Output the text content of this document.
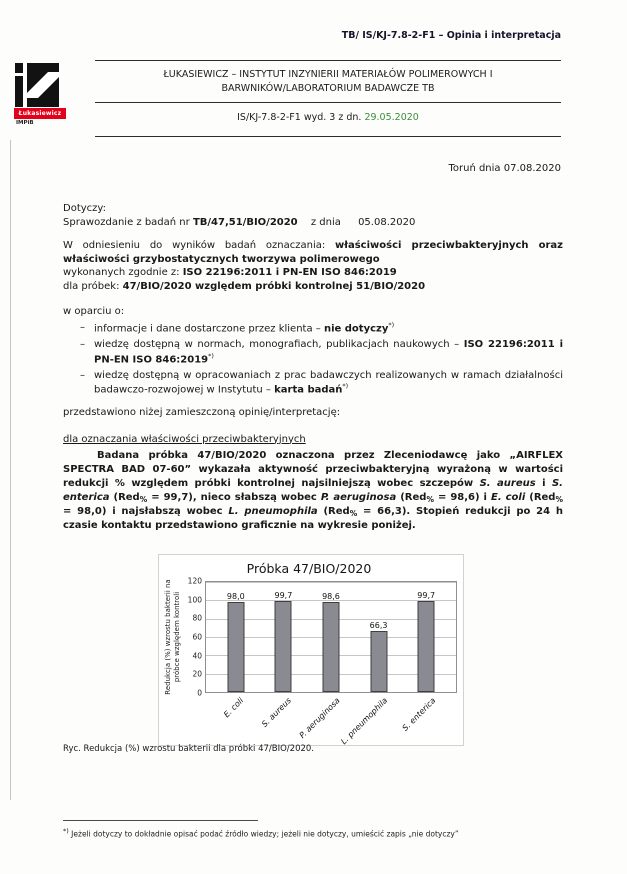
TB/ IS/KJ-7.8-2-F1 – Opinia i interpretacja
Łukasiewicz
IMPiB
ŁUKASIEWICZ – INSTYTUT INZYNIERII MATERIAŁÓW POLIMEROWYCH I
BARWNIKÓW/LABORATORIUM BADAWCZE TB
IS/KJ-7.8-2-F1 wyd. 3 z dn. 29.05.2020
Toruń dnia 07.08.2020
Dotyczy:
Sprawozdanie z badań nr TB/47,51/BIO/2020 z dnia 05.08.2020

W odniesieniu do wyników badań oznaczania: właściwości przeciwbakteryjnych oraz właściwości grzybostatycznych tworzywa polimerowego
wykonanych zgodnie z: ISO 22196:2011 i PN-EN ISO 846:2019
dla próbek: 47/BIO/2020 względem próbki kontrolnej 51/BIO/2020

w oparciu o:
– informacje i dane dostarczone przez klienta – nie dotyczy*)
– wiedzę dostępną w normach, monografiach, publikacjach naukowych – ISO 22196:2011 i PN-EN ISO 846:2019*)
– wiedzę dostępną w opracowaniach z prac badawczych realizowanych w ramach działalności badawczo-rozwojowej w Instytutu – karta badań*)
przedstawiono niżej zamieszczoną opinię/interpretację:
dla oznaczania właściwości przeciwbakteryjnych

Badana próbka 47/BIO/2020 oznaczona przez Zleceniodawcę jako „AIRFLEX SPECTRA BAD 07-60” wykazała aktywność przeciwbakteryjną wyrażoną w wartości redukcji % względem próbki kontrolnej najsilniejszą wobec szczepów S. aureus i S. enterica (Red$_{\%}$ = 99,7), nieco słabszą wobec P. aeruginosa (Red$_{\%}$ = 98,6) i E. coli (Red$_{\%}$ = 98,0) i najsłabszą wobec L. pneumophila (Red$_{\%}$ = 66,3). Stopień redukcji po 24 h czasie kontaktu przedstawiono graficznie na wykresie poniżej.

Próbka 47/BIO/2020
Redukcja (%) wzrostu bakterii na
próbce względem kontroli
0
20
40
60
80
100
120
98,0	99,7	98,6
66,3
99,7
E. coli S. aureus P. aeruginosa
L. pneumophila S. enterica
Ryc. Redukcja (%) wzrostu bakterii dla próbki 47/BIO/2020.
*) Jeżeli dotyczy to dokładnie opisać podać źródło wiedzy; jeżeli nie dotyczy, umieścić zapis „nie dotyczy”
